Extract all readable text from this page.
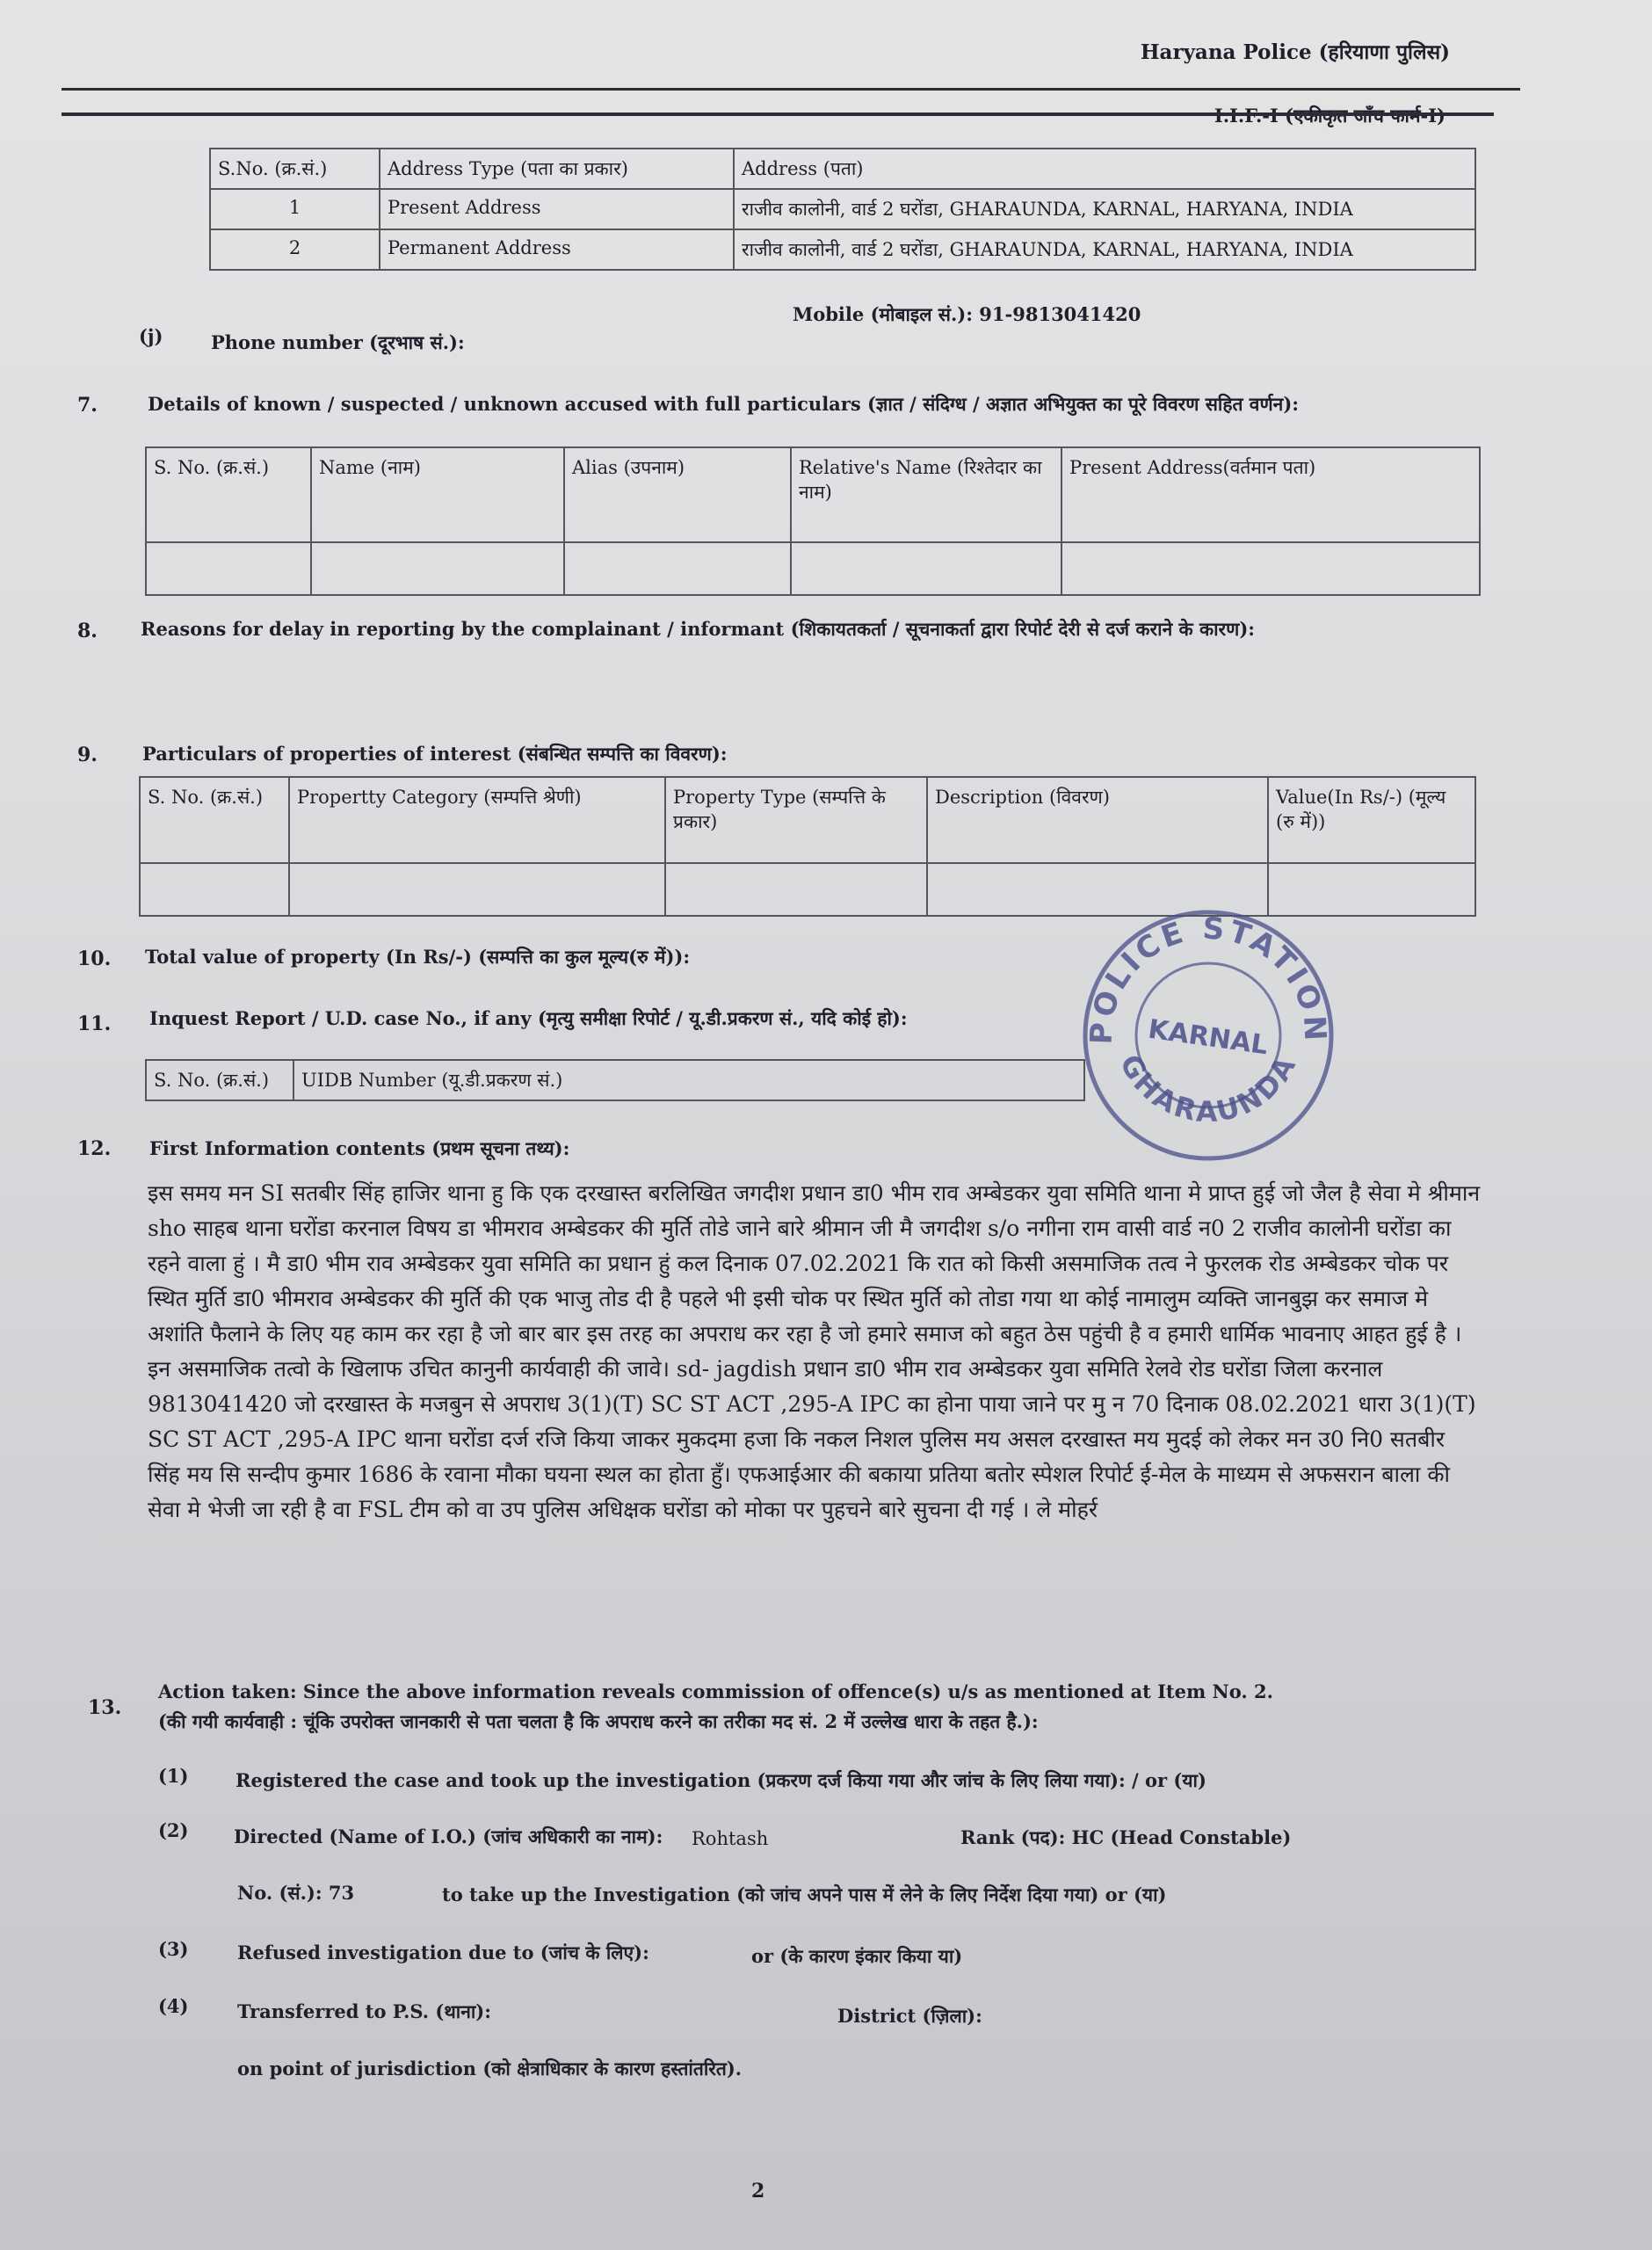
Haryana Police (हरियाणा पुलिस)
S.No. (क्र.सं.)	Address Type (पता का प्रकार)	Address (पता)
1	Present Address	राजीव कालोनी, वार्ड 2 घरोंडा, GHARAUNDA, KARNAL, HARYANA, INDIA
2	Permanent Address	राजीव कालोनी, वार्ड 2 घरोंडा, GHARAUNDA, KARNAL, HARYANA, INDIA
(j)	Phone number (दूरभाष सं.):
Mobile (मोबाइल सं.): 91-9813041420
7.	Details of known / suspected / unknown accused with full particulars (ज्ञात / संदिग्ध / अज्ञात अभियुक्त का पूरे विवरण सहित वर्णन):
S. No. (क्र.सं.)	Name (नाम)	Alias (उपनाम)	Relative's Name (रिश्तेदार का नाम)	Present Address(वर्तमान पता)

8. Reasons for delay in reporting by the complainant / informant (शिकायतकर्ता / सूचनाकर्ता द्वारा रिपोर्ट देरी से दर्ज कराने के कारण):
9. Particulars of properties of interest (संबन्धित सम्पत्ति का विवरण):
S. No. (क्र.सं.)	Propertty Category (सम्पत्ति श्रेणी)	Property Type (सम्पत्ति के प्रकार)	Description (विवरण)	Value(In Rs/-) (मूल्य (रु में))

10. Total value of property (In Rs/-) (सम्पत्ति का कुल मूल्य(रु में)):
11. Inquest Report / U.D. case No., if any (मृत्यु समीक्षा रिपोर्ट / यू.डी.प्रकरण सं., यदि कोई हो):
S. No. (क्र.सं.)	UIDB Number (यू.डी.प्रकरण सं.)
POLICE STATION
KARNAL
GHARAUNDA
12. First Information contents (प्रथम सूचना तथ्य):
इस समय मन SI सतबीर सिंह हाजिर थाना हु कि एक दरखास्त बरलिखित जगदीश प्रधान डा0 भीम राव अम्बेडकर युवा समिति थाना मे प्राप्त हुई जो जैल है सेवा मे श्रीमान sho साहब थाना घरोंडा करनाल विषय डा भीमराव अम्बेडकर की मुर्ति तोडे जाने बारे श्रीमान जी मै जगदीश s/o नगीना राम वासी वार्ड न0 2 राजीव कालोनी घरोंडा का रहने वाला हुं । मै डा0 भीम राव अम्बेडकर युवा समिति का प्रधान हुं कल दिनाक 07.02.2021 कि रात को किसी असमाजिक तत्व ने फुरलक रोड अम्बेडकर चोक पर स्थित मुर्ति डा0 भीमराव अम्बेडकर की मुर्ति की एक भाजु तोड दी है पहले भी इसी चोक पर स्थित मुर्ति को तोडा गया था कोई नामालुम व्यक्ति जानबुझ कर समाज मे अशांति फैलाने के लिए यह काम कर रहा है जो बार बार इस तरह का अपराध कर रहा है जो हमारे समाज को बहुत ठेस पहुंची है व हमारी धार्मिक भावनाए आहत हुई है । इन असमाजिक तत्वो के खिलाफ उचित कानुनी कार्यवाही की जावे। sd- jagdish प्रधान डा0 भीम राव अम्बेडकर युवा समिति रेलवे रोड घरोंडा जिला करनाल 9813041420 जो दरखास्त के मजबुन से अपराध 3(1)(T) SC ST ACT ,295-A IPC का होना पाया जाने पर मु न 70 दिनाक 08.02.2021 धारा 3(1)(T) SC ST ACT ,295-A IPC थाना घरोंडा दर्ज रजि किया जाकर मुकदमा हजा कि नकल निशल पुलिस मय असल दरखास्त मय मुदई को लेकर मन उ0 नि0 सतबीर सिंह मय सि सन्दीप कुमार 1686 के रवाना मौका घयना स्थल का होता हुँ। एफआईआर की बकाया प्रतिया बतोर स्पेशल रिपोर्ट ई-मेल के माध्यम से अफसरान बाला की सेवा मे भेजी जा रही है वा FSL टीम को वा उप पुलिस अधिक्षक घरोंडा को मोका पर पुहचने बारे सुचना दी गई । ले मोहर्र
13.
Action taken: Since the above information reveals commission of offence(s) u/s as mentioned at Item No. 2.
(की गयी कार्यवाही : चूंकि उपरोक्त जानकारी से पता चलता है कि अपराध करने का तरीका मद सं. 2 में उल्लेख धारा के तहत है.):
(1)	Registered the case and took up the investigation (प्रकरण दर्ज किया गया और जांच के लिए लिया गया): / or (या)
(2) Directed (Name of I.O.) (जांच अधिकारी का नाम): Rohtash	Rank (पद): HC (Head Constable)
No. (सं.): 73	to take up the Investigation (को जांच अपने पास में लेने के लिए निर्देश दिया गया) or (या)
(3)	Refused investigation due to (जांच के लिए):	or (के कारण इंकार किया या)
(4)	Transferred to P.S. (थाना):	District (ज़िला):
on point of jurisdiction (को क्षेत्राधिकार के कारण हस्तांतरित).
2
